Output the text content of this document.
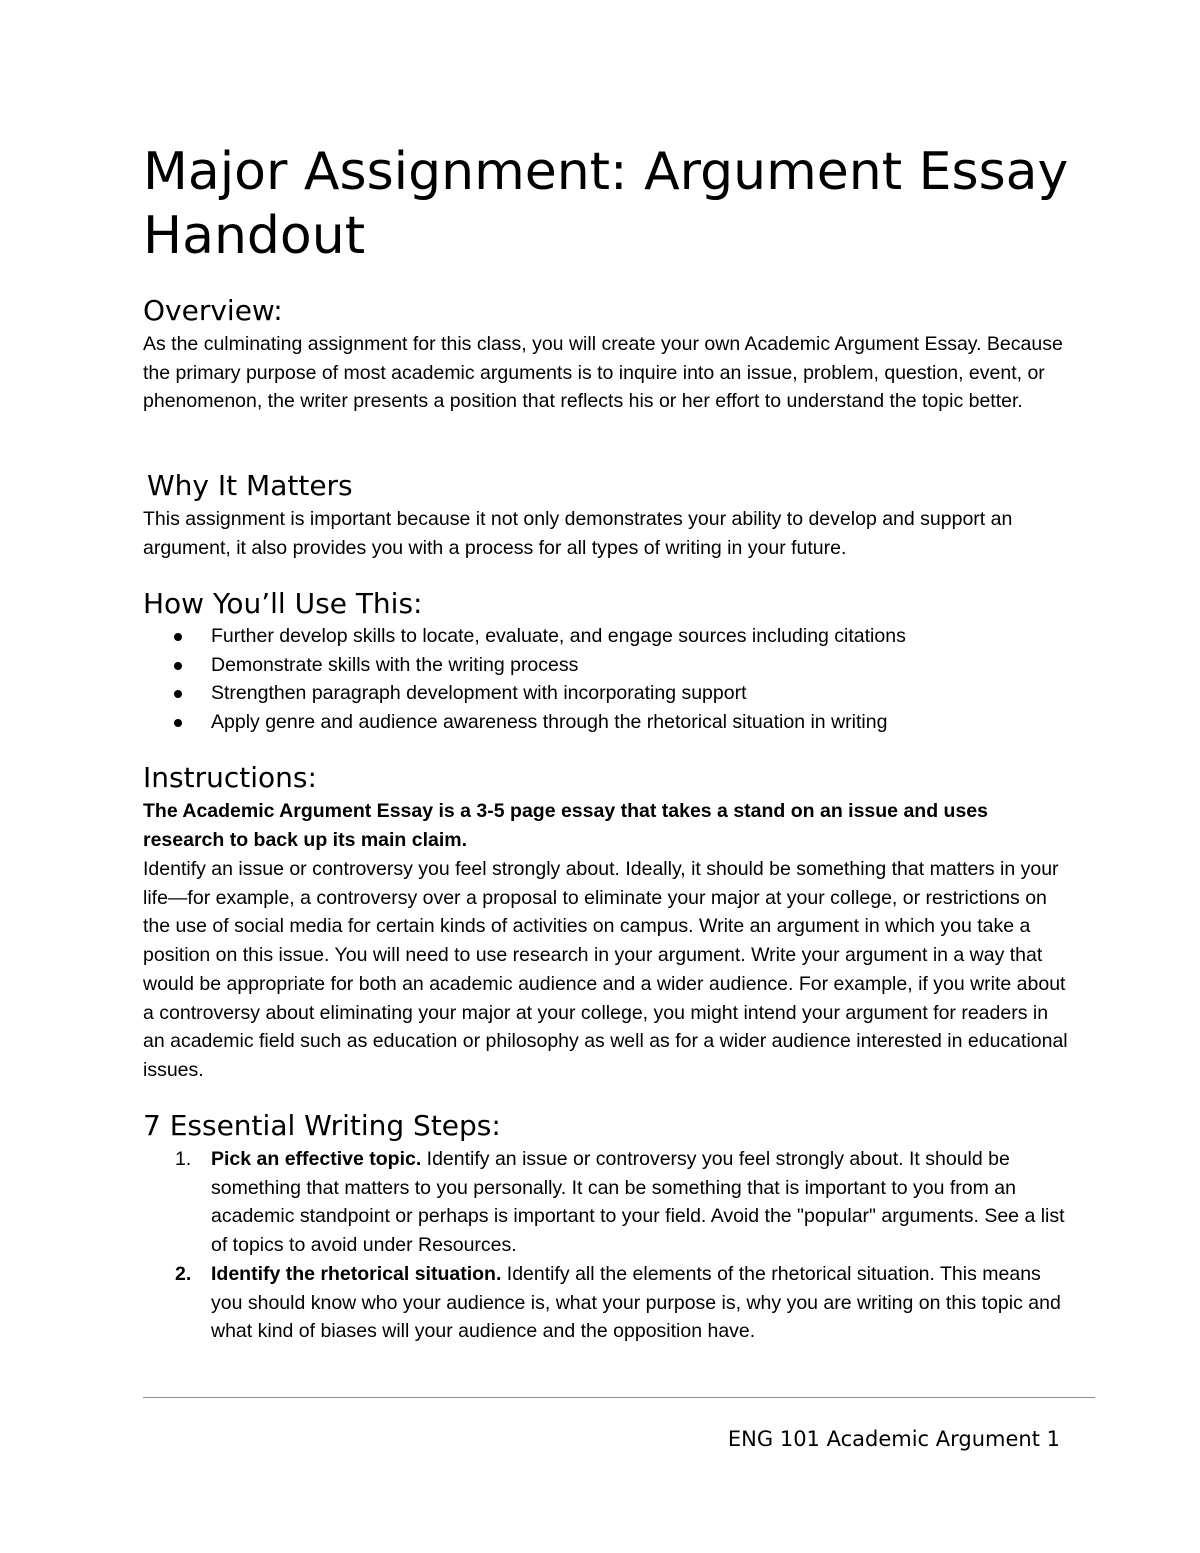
Major Assignment: Argument Essay Handout
Overview:

As the culminating assignment for this class, you will create your own Academic Argument Essay. Because the primary purpose of most academic arguments is to inquire into an issue, problem, question, event, or phenomenon, the writer presents a position that reflects his or her effort to understand the topic better.

Why It Matters

This assignment is important because it not only demonstrates your ability to develop and support an argument, it also provides you with a process for all types of writing in your future.

How You’ll Use This:
Further develop skills to locate, evaluate, and engage sources including citations
Demonstrate skills with the writing process
Strengthen paragraph development with incorporating support
Apply genre and audience awareness through the rhetorical situation in writing
Instructions:

The Academic Argument Essay is a 3-5 page essay that takes a stand on an issue and uses research to back up its main claim.

Identify an issue or controversy you feel strongly about. Ideally, it should be something that matters in your life—for example, a controversy over a proposal to eliminate your major at your college, or restrictions on the use of social media for certain kinds of activities on campus. Write an argument in which you take a position on this issue. You will need to use research in your argument. Write your argument in a way that would be appropriate for both an academic audience and a wider audience. For example, if you write about a controversy about eliminating your major at your college, you might intend your argument for readers in an academic field such as education or philosophy as well as for a wider audience interested in educational issues.

7 Essential Writing Steps:
1. Pick an effective topic. Identify an issue or controversy you feel strongly about. It should be something that matters to you personally. It can be something that is important to you from an academic standpoint or perhaps is important to your field. Avoid the "popular" arguments. See a list of topics to avoid under Resources.
2. Identify the rhetorical situation. Identify all the elements of the rhetorical situation. This means you should know who your audience is, what your purpose is, why you are writing on this topic and what kind of biases will your audience and the opposition have.
ENG 101 Academic Argument 1
